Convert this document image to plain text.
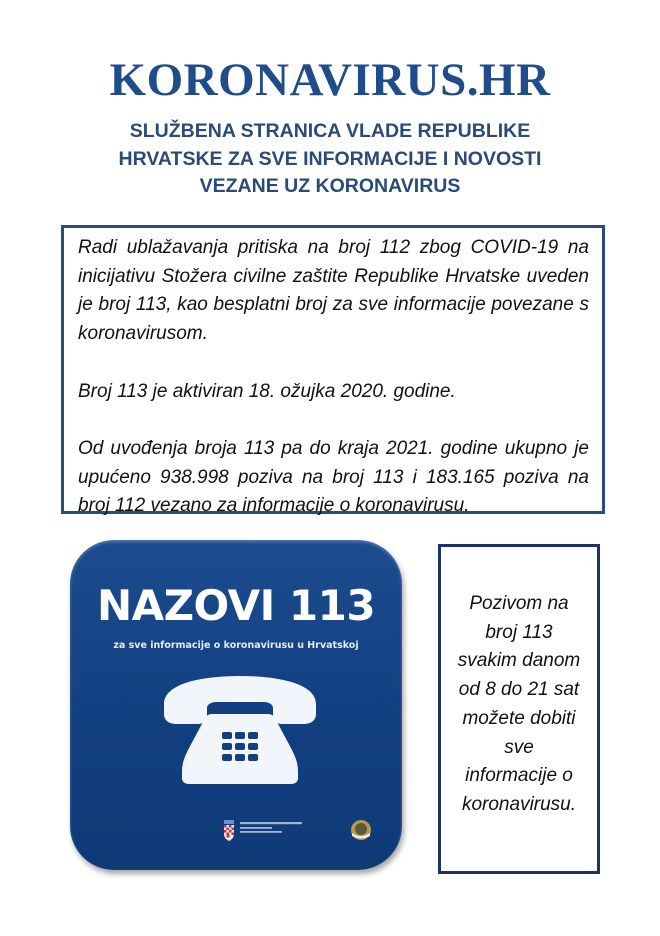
KORONAVIRUS.HR
SLUŽBENA STRANICA VLADE REPUBLIKE
HRVATSKE ZA SVE INFORMACIJE I NOVOSTI
VEZANE UZ KORONAVIRUS

Radi ublažavanja pritiska na broj 112 zbog COVID-19 na inicijativu Stožera civilne zaštite Republike Hrvatske uveden je broj 113, kao besplatni broj za sve informacije povezane s koronavirusom.

Broj 113 je aktiviran 18. ožujka 2020. godine.

Od uvođenja broja 113 pa do kraja 2021. godine ukupno je upućeno 938.998 poziva na broj 113 i 183.165 poziva na broj 112 vezano za informacije o koronavirusu.

NAZOVI 113
za sve informacije o koronavirusu u Hrvatskoj
Pozivom na
broj 113
svakim danom
od 8 do 21 sat
možete dobiti
sve
informacije o
koronavirusu.
